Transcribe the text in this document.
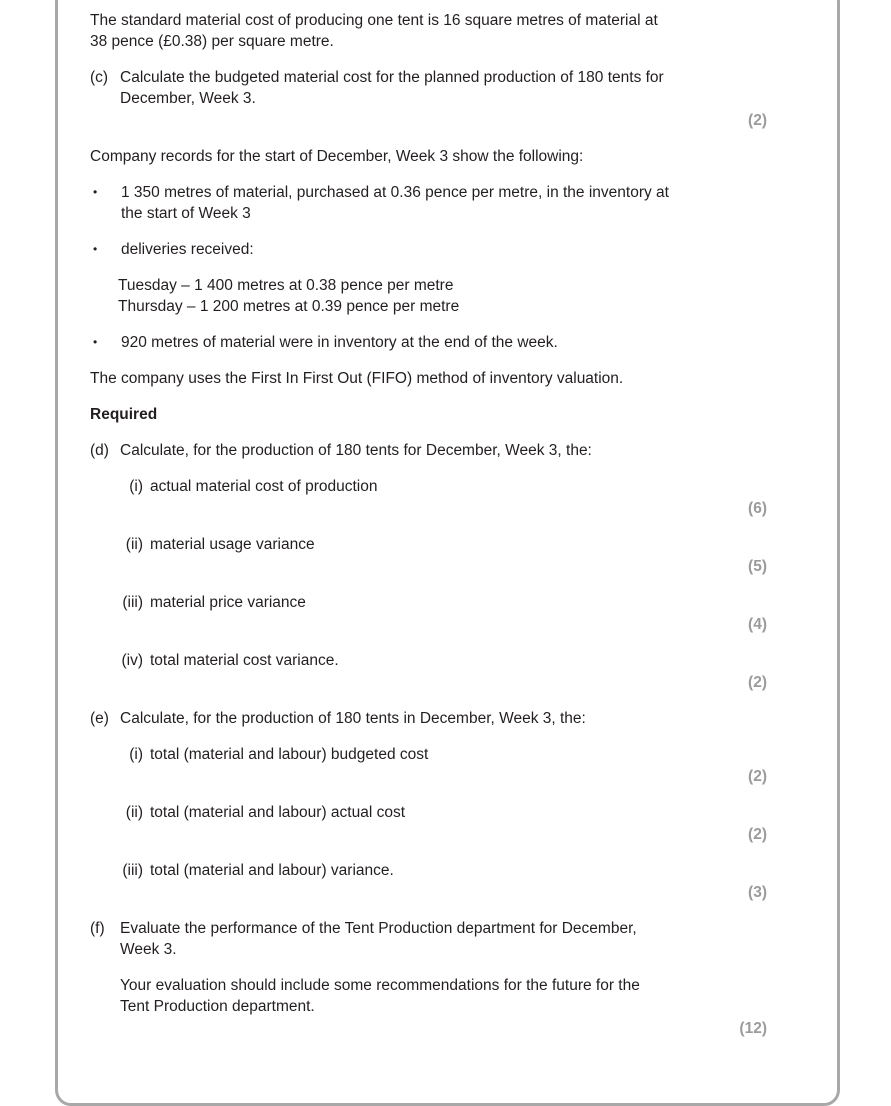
The standard material cost of producing one tent is 16 square metres of material at
38 pence (£0.38) per square metre.
(c) Calculate the budgeted material cost for the planned production of 180 tents for
December, Week 3.
(2)
Company records for the start of December, Week 3 show the following:
•	1 350 metres of material, purchased at 0.36 pence per metre, in the inventory at
the start of Week 3
•	deliveries received:
Tuesday – 1 400 metres at 0.38 pence per metre
Thursday – 1 200 metres at 0.39 pence per metre
•	920 metres of material were in inventory at the end of the week.
The company uses the First In First Out (FIFO) method of inventory valuation.
Required
(d) Calculate, for the production of 180 tents for December, Week 3, the:
(i) actual material cost of production
(6)
(ii) material usage variance
(5)
(iii) material price variance
(4)
(iv) total material cost variance.
(2)
(e) Calculate, for the production of 180 tents in December, Week 3, the:
(i) total (material and labour) budgeted cost
(2)
(ii) total (material and labour) actual cost
(2)
(iii) total (material and labour) variance.
(3)
(f) Evaluate the performance of the Tent Production department for December,
Week 3.
Your evaluation should include some recommendations for the future for the
Tent Production department.
(12)
